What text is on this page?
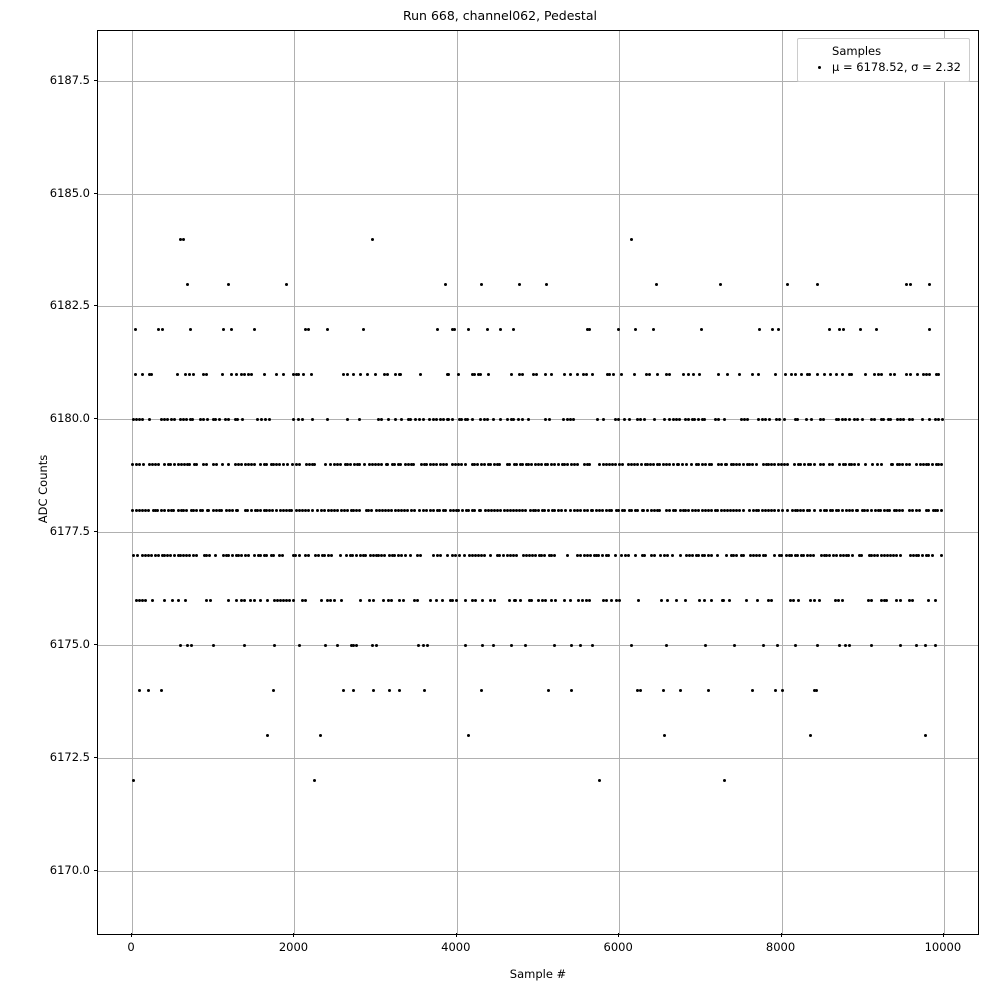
Run 668, channel062, Pedestal
Samples
μ = 6178.52, σ = 2.32
0	2000	4000	6000	8000	10000
6170.0
6172.5
6175.0
6177.5
6180.0
6182.5
6185.0
6187.5
Sample #
ADC Counts
